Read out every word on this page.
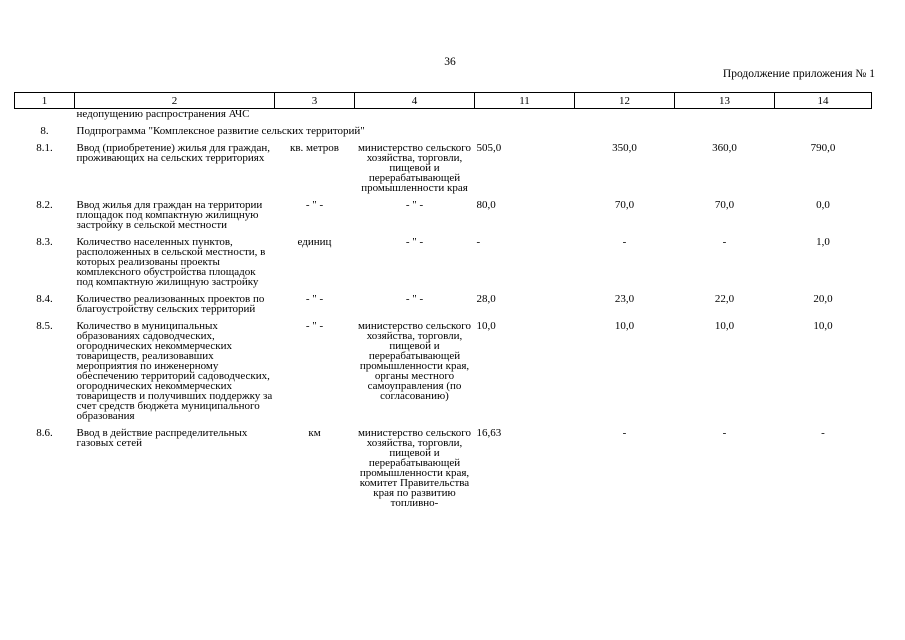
36
Продолжение приложения № 1
1	2	3	4	11	12	13	14
	недопущению распространения АЧС						
8.	Подпрограмма "Комплексное развитие сельских территорий"						
8.1.	Ввод (приобретение) жилья для граждан, проживающих на сельских территориях	кв. метров	министерство сельского хозяйства, торговли, пищевой и перерабатывающей промышленности края	505,0	350,0	360,0	790,0
8.2.	Ввод жилья для граждан на территории площадок под компактную жилищную застройку в сельской местности	- " -	- " -	80,0	70,0	70,0	0,0
8.3.	Количество населенных пунктов, расположенных в сельской местности, в которых реализованы проекты комплексного обустройства площадок под компактную жилищную застройку	единиц	- " -	-	-	-	1,0
8.4.	Количество реализованных проектов по благоустройству сельских территорий	- " -	- " -	28,0	23,0	22,0	20,0
8.5.	Количество в муниципальных образованиях садоводческих, огороднических некоммерческих товариществ, реализовавших мероприятия по инженерному обеспечению территорий садоводческих, огороднических некоммерческих товариществ и получивших поддержку за счет средств бюджета муниципального образования	- " -	министерство сельского хозяйства, торговли, пищевой и перерабатывающей промышленности края, органы местного самоуправления (по согласованию)	10,0	10,0	10,0	10,0
8.6.	Ввод в действие распределительных газовых сетей	км	министерство сельского хозяйства, торговли, пищевой и перерабатывающей промышленности края, комитет Правительства края по развитию топливно-	16,63	-	-	-
